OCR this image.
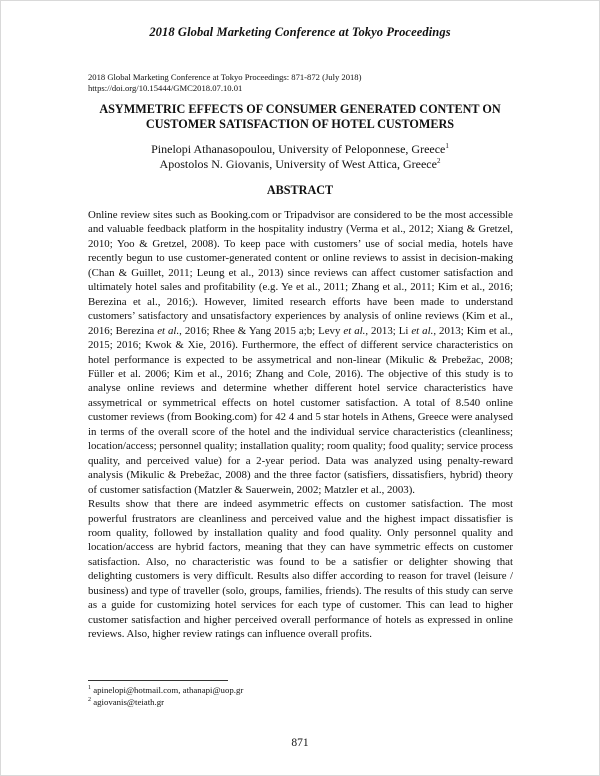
2018 Global Marketing Conference at Tokyo Proceedings
2018 Global Marketing Conference at Tokyo Proceedings: 871-872 (July 2018)
https://doi.org/10.15444/GMC2018.07.10.01
ASYMMETRIC EFFECTS OF CONSUMER GENERATED CONTENT ON
CUSTOMER SATISFACTION OF HOTEL CUSTOMERS
Pinelopi Athanasopoulou, University of Peloponnese, Greece$^1$
Apostolos N. Giovanis, University of West Attica, Greece$^2$
ABSTRACT

Online review sites such as Booking.com or Tripadvisor are considered to be the most accessible and valuable feedback platform in the hospitality industry (Verma et al., 2012; Xiang & Gretzel, 2010; Yoo & Gretzel, 2008). To keep pace with customers’ use of social media, hotels have recently begun to use customer-generated content or online reviews to assist in decision-making (Chan & Guillet, 2011; Leung et al., 2013) since reviews can affect customer satisfaction and ultimately hotel sales and profitability (e.g. Ye et al., 2011; Zhang et al., 2011; Kim et al., 2016; Berezina et al., 2016;). However, limited research efforts have been made to understand customers’ satisfactory and unsatisfactory experiences by analysis of online reviews (Kim et al., 2016; Berezina et al., 2016; Rhee & Yang 2015 a;b; Levy et al., 2013; Li et al., 2013; Kim et al., 2015; 2016; Kwok & Xie, 2016). Furthermore, the effect of different service characteristics on hotel performance is expected to be assymetrical and non-linear (Mikulic & Prebežac, 2008; Füller et al. 2006; Kim et al., 2016; Zhang and Cole, 2016). The objective of this study is to analyse online reviews and determine whether different hotel service characteristics have assymetrical or symmetrical effects on hotel customer satisfaction. A total of 8.540 online customer reviews (from Booking.com) for 42 4 and 5 star hotels in Athens, Greece were analysed in terms of the overall score of the hotel and the individual service characteristics (cleanliness; location/access; personnel quality; installation quality; room quality; food quality; service process quality, and perceived value) for a 2-year period. Data was analyzed using penalty-reward analysis (Mikulic & Prebežac, 2008) and the three factor (satisfiers, dissatisfiers, hybrid) theory of customer satisfaction (Matzler & Sauerwein, 2002; Matzler et al., 2003).

Results show that there are indeed asymmetric effects on customer satisfaction. The most powerful frustrators are cleanliness and perceived value and the highest impact dissatisfier is room quality, followed by installation quality and food quality. Only personnel quality and location/access are hybrid factors, meaning that they can have symmetric effects on customer satisfaction. Also, no characteristic was found to be a satisfier or delighter showing that delighting customers is very difficult. Results also differ according to reason for travel (leisure / business) and type of traveller (solo, groups, families, friends). The results of this study can serve as a guide for customizing hotel services for each type of customer. This can lead to higher customer satisfaction and higher perceived overall performance of hotels as expressed in online reviews. Also, higher review ratings can influence overall profits.

$^1$ apinelopi@hotmail.com, athanapi@uop.gr
$^2$ agiovanis@teiath.gr
871
